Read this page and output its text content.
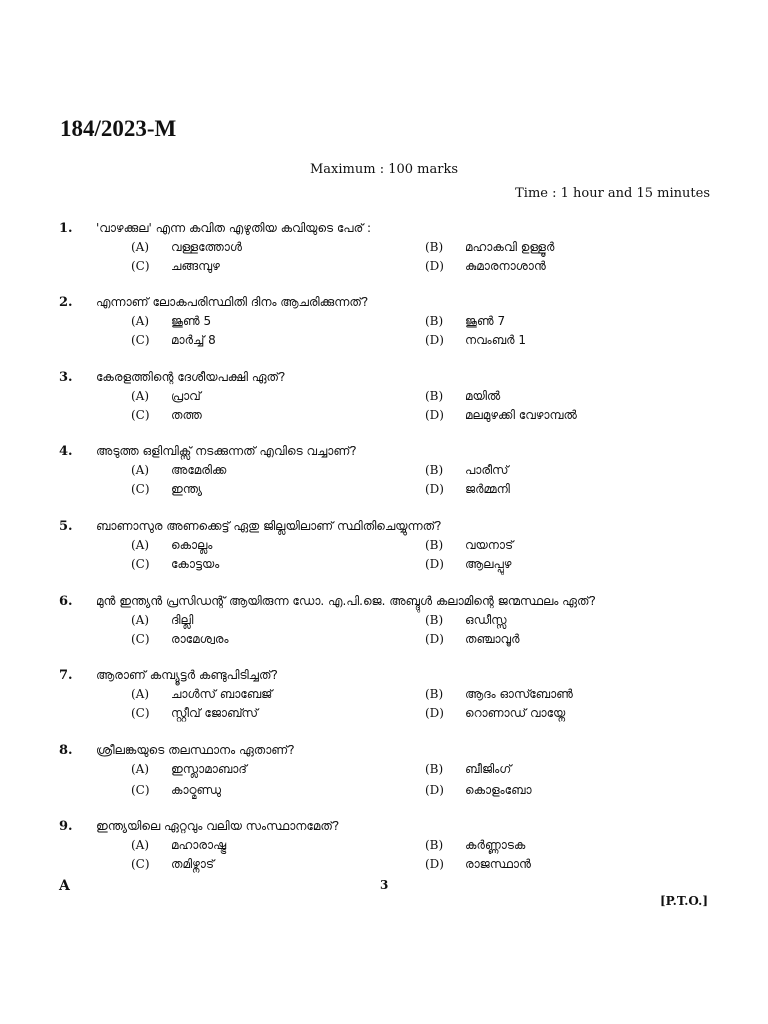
184/2023-M
Maximum : 100 marks
Time : 1 hour and 15 minutes
1. 'വാഴക്കുല' എന്ന കവിത എഴുതിയ കവിയുടെ പേര് :
(A) വള്ളത്തോൾ	(B) മഹാകവി ഉള്ളൂർ
(C) ചങ്ങമ്പുഴ	(D) കുമാരനാശാൻ
2. എന്നാണ് ലോകപരിസ്ഥിതി ദിനം ആചരിക്കുന്നത്?
(A) ജൂൺ 5	(B) ജൂൺ 7
(C) മാർച്ച് 8	(D) നവംബർ 1
3. കേരളത്തിന്റെ ദേശീയപക്ഷി ഏത്?
(A) പ്രാവ്	(B) മയിൽ
(C) തത്ത	(D) മലമുഴക്കി വേഴാമ്പൽ
4. അടുത്ത ഒളിമ്പിക്സ് നടക്കുന്നത് എവിടെ വച്ചാണ്?
(A) അമേരിക്ക	(B) പാരീസ്
(C) ഇന്ത്യ	(D) ജർമ്മനി
5. ബാണാസുര അണക്കെട്ട് ഏതു ജില്ലയിലാണ് സ്ഥിതിചെയ്യുന്നത്?
(A) കൊല്ലം	(B) വയനാട്
(C) കോട്ടയം	(D) ആലപ്പുഴ
6. മുൻ ഇന്ത്യൻ പ്രസിഡന്റ് ആയിരുന്ന ഡോ. എ.പി.ജെ. അബ്ദുൾ കലാമിന്റെ ജന്മസ്ഥലം ഏത്?
(A) ദില്ലി	(B) ഒഡീസ്സ
(C) രാമേശ്വരം	(D) തഞ്ചാവൂർ
7. ആരാണ് കമ്പ്യൂട്ടർ കണ്ടുപിടിച്ചത്?
(A) ചാൾസ് ബാബേജ്	(B) ആദം ഓസ്ബോൺ
(C) സ്റ്റീവ് ജോബ്സ്	(D) റൊണാഡ് വായ്നേ
8. ശ്രീലങ്കയുടെ തലസ്ഥാനം ഏതാണ്?
(A) ഇസ്ലാമാബാദ്	(B) ബീജിംഗ്
(C) കാഠ്മണ്ഡു	(D) കൊളംബോ
9. ഇന്ത്യയിലെ ഏറ്റവും വലിയ സംസ്ഥാനമേത്?
(A) മഹാരാഷ്ട്ര	(B) കർണ്ണാടക
(C) തമിഴ്നാട്	(D) രാജസ്ഥാൻ
A	3
[P.T.O.]
